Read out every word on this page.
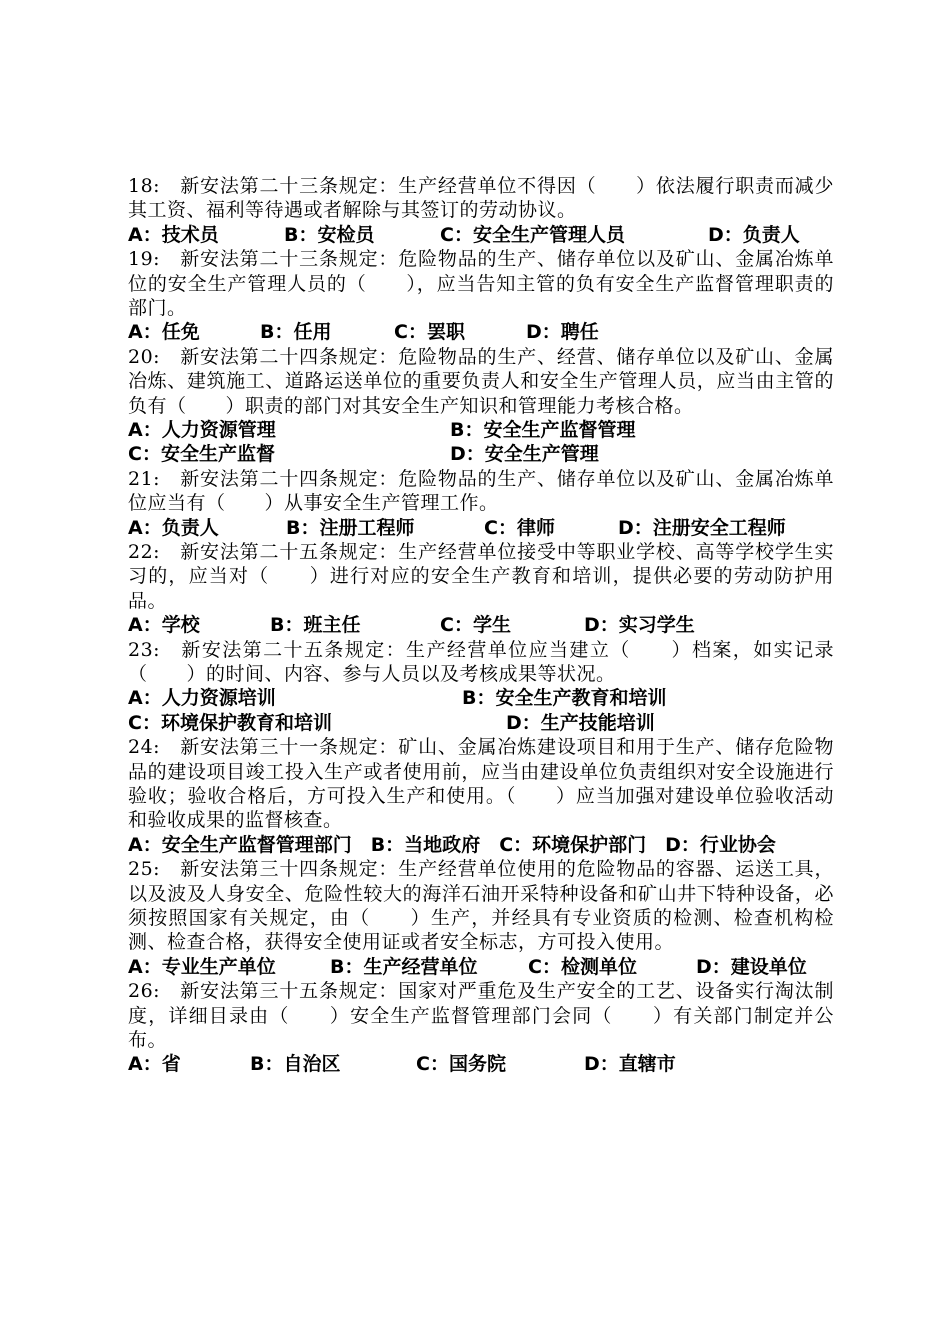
18:　新安法第二十三条规定：生产经营单位不得因（　　）依法履行职责而减少其工资、福利等待遇或者解除与其签订的劳动协议。
A：技术员	B：安检员	C：安全生产管理人员	D：负责人
19:　新安法第二十三条规定：危险物品的生产、储存单位以及矿山、金属冶炼单位的安全生产管理人员的（　　），应当告知主管的负有安全生产监督管理职责的部门。
A：任免	B：任用	C：罢职	D：聘任
20:　新安法第二十四条规定：危险物品的生产、经营、储存单位以及矿山、金属冶炼、建筑施工、道路运送单位的重要负责人和安全生产管理人员，应当由主管的负有（　　）职责的部门对其安全生产知识和管理能力考核合格。
A：人力资源管理	B：安全生产监督管理
C：安全生产监督	D：安全生产管理
21:　新安法第二十四条规定：危险物品的生产、储存单位以及矿山、金属冶炼单位应当有（　　）从事安全生产管理工作。
A：负责人	B：注册工程师	C：律师	D：注册安全工程师
22:　新安法第二十五条规定：生产经营单位接受中等职业学校、高等学校学生实习的，应当对（　　）进行对应的安全生产教育和培训，提供必要的劳动防护用品。
A：学校	B：班主任	C：学生	D：实习学生
23:　新安法第二十五条规定：生产经营单位应当建立（　　）档案，如实记录（　　）的时间、内容、参与人员以及考核成果等状况。
A：人力资源培训	B：安全生产教育和培训
C：环境保护教育和培训	D：生产技能培训
24:　新安法第三十一条规定：矿山、金属冶炼建设项目和用于生产、储存危险物品的建设项目竣工投入生产或者使用前，应当由建设单位负责组织对安全设施进行验收；验收合格后，方可投入生产和使用。（　　）应当加强对建设单位验收活动和验收成果的监督核查。
A：安全生产监督管理部门　B：当地政府　C：环境保护部门　D：行业协会
25:　新安法第三十四条规定：生产经营单位使用的危险物品的容器、运送工具，以及波及人身安全、危险性较大的海洋石油开采特种设备和矿山井下特种设备，必须按照国家有关规定，由（　　）生产，并经具有专业资质的检测、检查机构检测、检查合格，获得安全使用证或者安全标志，方可投入使用。
A：专业生产单位	B：生产经营单位	C：检测单位	D：建设单位
26:　新安法第三十五条规定：国家对严重危及生产安全的工艺、设备实行淘汰制度，详细目录由（　　）安全生产监督管理部门会同（　　）有关部门制定并公布。
A：省	B：自治区	C：国务院	D：直辖市
